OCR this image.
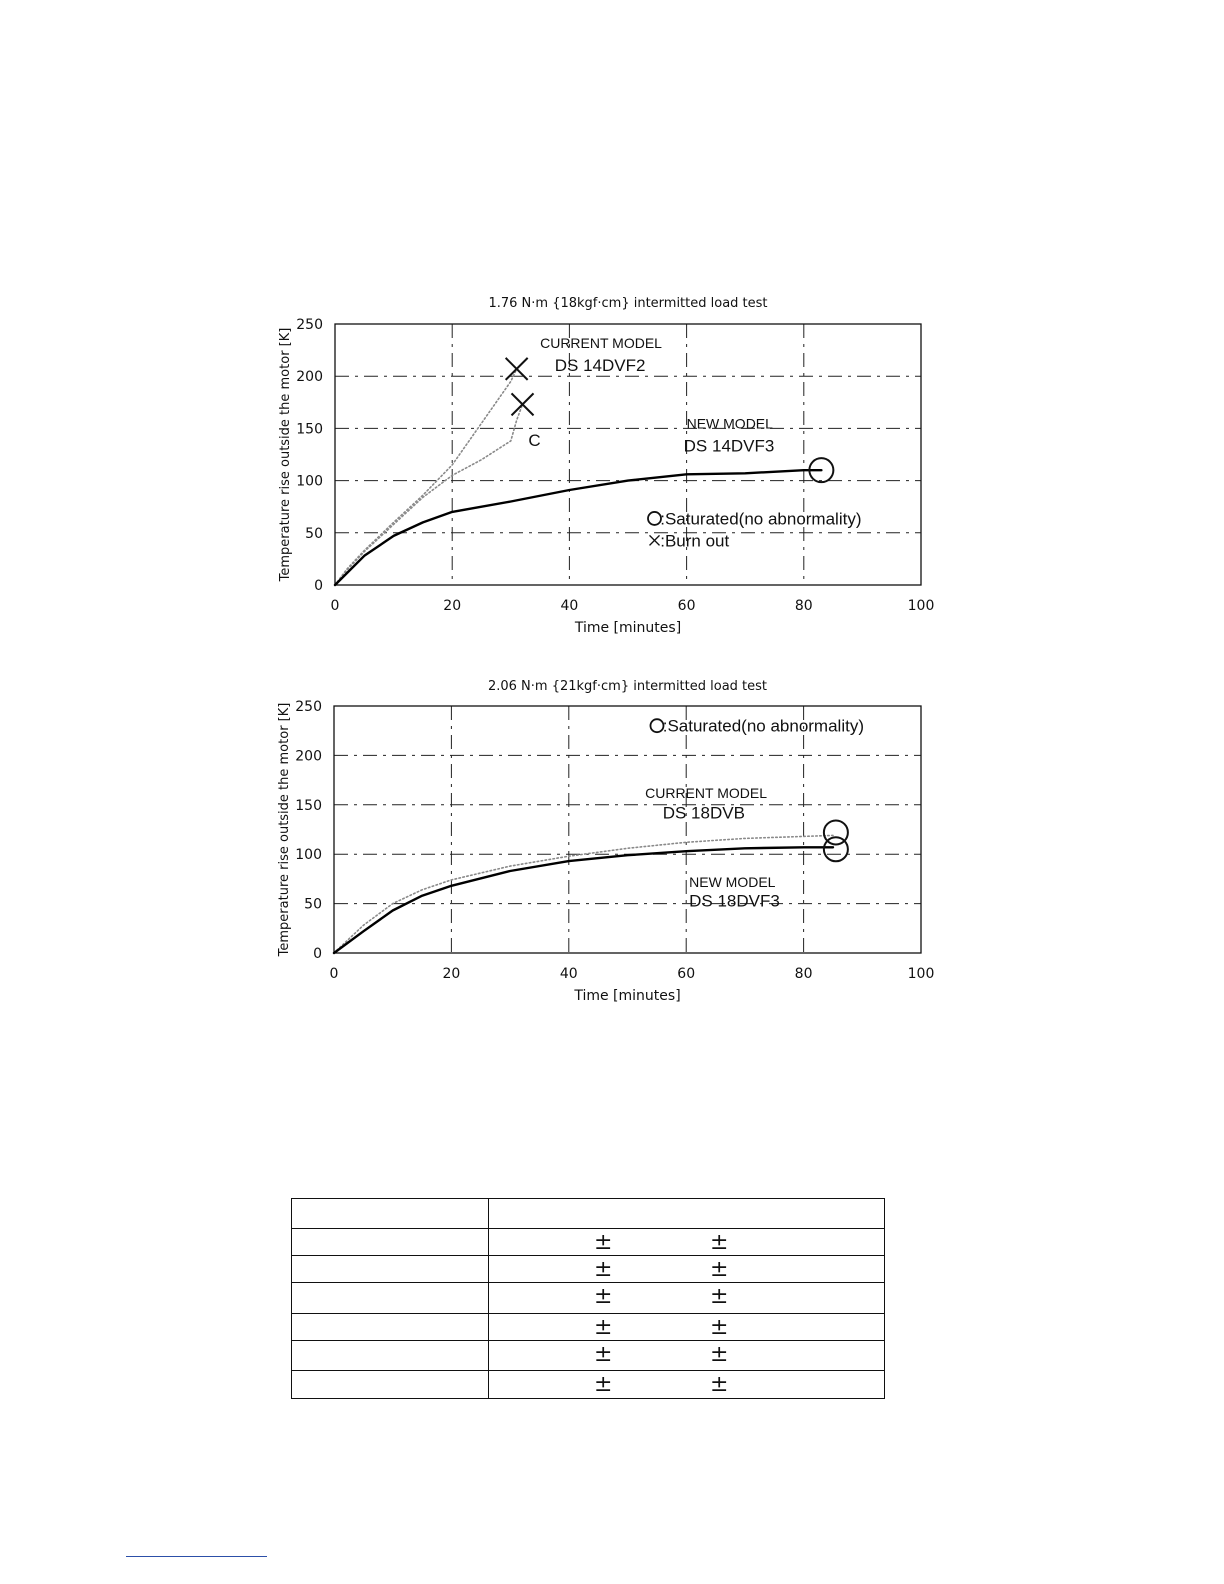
1.76 N·m {18kgf·cm} intermitted load test
0	20	40	60	80	100
0
50
100
150
200
250
Time [minutes]
Temperature rise outside the motor [K]	CURRENT MODEL
DS 14DVF2
C
NEW MODEL
DS 14DVF3
:Saturated(no abnormality)
:Burn out
2.06 N·m {21kgf·cm} intermitted load test
0	20	40	60	80	100
0
50
100
150
200
250
Time [minutes]
Temperature rise outside the motor [K]	:Saturated(no abnormality)
CURRENT MODEL
DS 18DVB
NEW MODEL
DS 18DVF3

	± ±

	± ±

	± ±

	± ±

	± ±

	± ±
